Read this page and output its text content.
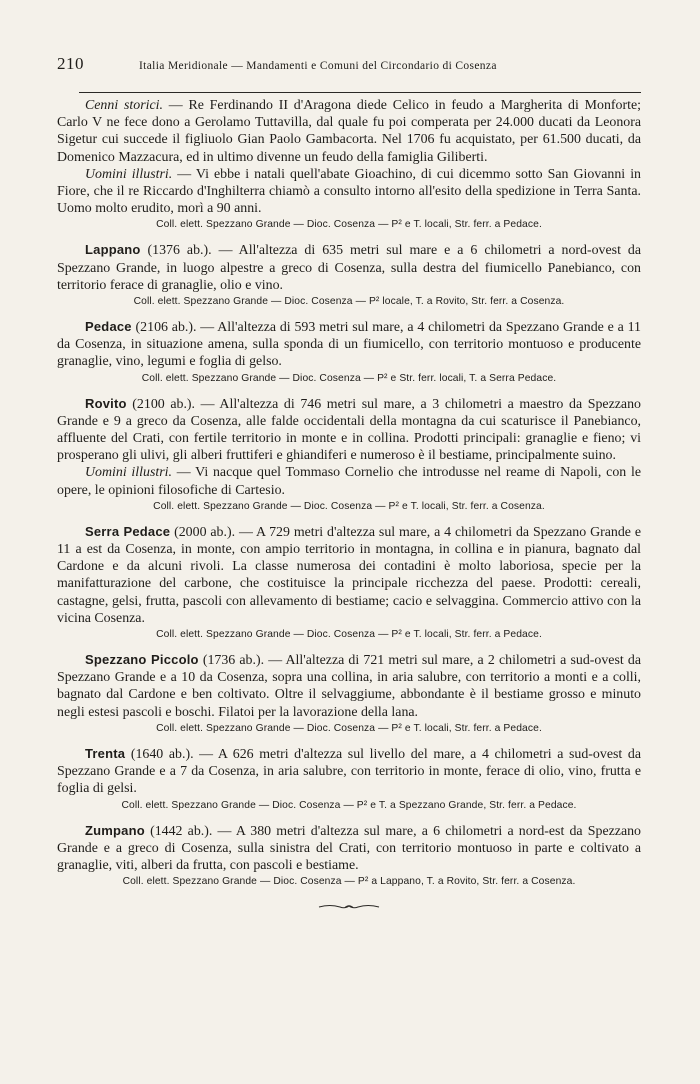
210	Italia Meridionale — Mandamenti e Comuni del Circondario di Cosenza

Cenni storici. — Re Ferdinando II d'Aragona diede Celico in feudo a Margherita di Monforte; Carlo V ne fece dono a Gerolamo Tuttavilla, dal quale fu poi comperata per 24.000 ducati da Leonora Sigetur cui succede il figliuolo Gian Paolo Gambacorta. Nel 1706 fu acquistato, per 61.500 ducati, da Domenico Mazzacura, ed in ultimo divenne un feudo della famiglia Giliberti.

Uomini illustri. — Vi ebbe i natali quell'abate Gioachino, di cui dicemmo sotto San Giovanni in Fiore, che il re Riccardo d'Inghilterra chiamò a consulto intorno all'esito della spedizione in Terra Santa. Uomo molto erudito, morì a 90 anni.

Coll. elett. Spezzano Grande — Dioc. Cosenza — P² e T. locali, Str. ferr. a Pedace.

Lappano (1376 ab.). — All'altezza di 635 metri sul mare e a 6 chilometri a nord-ovest da Spezzano Grande, in luogo alpestre a greco di Cosenza, sulla destra del fiumicello Panebianco, con territorio ferace di granaglie, olio e vino.

Coll. elett. Spezzano Grande — Dioc. Cosenza — P² locale, T. a Rovito, Str. ferr. a Cosenza.

Pedace (2106 ab.). — All'altezza di 593 metri sul mare, a 4 chilometri da Spezzano Grande e a 11 da Cosenza, in situazione amena, sulla sponda di un fiumicello, con territorio montuoso e producente granaglie, vino, legumi e foglia di gelso.

Coll. elett. Spezzano Grande — Dioc. Cosenza — P² e Str. ferr. locali, T. a Serra Pedace.

Rovito (2100 ab.). — All'altezza di 746 metri sul mare, a 3 chilometri a maestro da Spezzano Grande e 9 a greco da Cosenza, alle falde occidentali della montagna da cui scaturisce il Panebianco, affluente del Crati, con fertile territorio in monte e in collina. Prodotti principali: granaglie e fieno; vi prosperano gli ulivi, gli alberi fruttiferi e ghiandiferi e numeroso è il bestiame, principalmente suino.

Uomini illustri. — Vi nacque quel Tommaso Cornelio che introdusse nel reame di Napoli, con le opere, le opinioni filosofiche di Cartesio.

Coll. elett. Spezzano Grande — Dioc. Cosenza — P² e T. locali, Str. ferr. a Cosenza.

Serra Pedace (2000 ab.). — A 729 metri d'altezza sul mare, a 4 chilometri da Spezzano Grande e 11 a est da Cosenza, in monte, con ampio territorio in montagna, in collina e in pianura, bagnato dal Cardone e da alcuni rivoli. La classe numerosa dei contadini è molto laboriosa, specie per la manifatturazione del carbone, che costituisce la principale ricchezza del paese. Prodotti: cereali, castagne, gelsi, frutta, pascoli con allevamento di bestiame; cacio e selvaggina. Commercio attivo con la vicina Cosenza.

Coll. elett. Spezzano Grande — Dioc. Cosenza — P² e T. locali, Str. ferr. a Pedace.

Spezzano Piccolo (1736 ab.). — All'altezza di 721 metri sul mare, a 2 chilometri a sud-ovest da Spezzano Grande e a 10 da Cosenza, sopra una collina, in aria salubre, con territorio a monti e a colli, bagnato dal Cardone e ben coltivato. Oltre il selvaggiume, abbondante è il bestiame grosso e minuto negli estesi pascoli e boschi. Filatoi per la lavorazione della lana.

Coll. elett. Spezzano Grande — Dioc. Cosenza — P² e T. locali, Str. ferr. a Pedace.

Trenta (1640 ab.). — A 626 metri d'altezza sul livello del mare, a 4 chilometri a sud-ovest da Spezzano Grande e a 7 da Cosenza, in aria salubre, con territorio in monte, ferace di olio, vino, frutta e foglia di gelsi.

Coll. elett. Spezzano Grande — Dioc. Cosenza — P² e T. a Spezzano Grande, Str. ferr. a Pedace.

Zumpano (1442 ab.). — A 380 metri d'altezza sul mare, a 6 chilometri a nord-est da Spezzano Grande e a greco di Cosenza, sulla sinistra del Crati, con territorio montuoso in parte e coltivato a granaglie, viti, alberi da frutta, con pascoli e bestiame.

Coll. elett. Spezzano Grande — Dioc. Cosenza — P² a Lappano, T. a Rovito, Str. ferr. a Cosenza.
